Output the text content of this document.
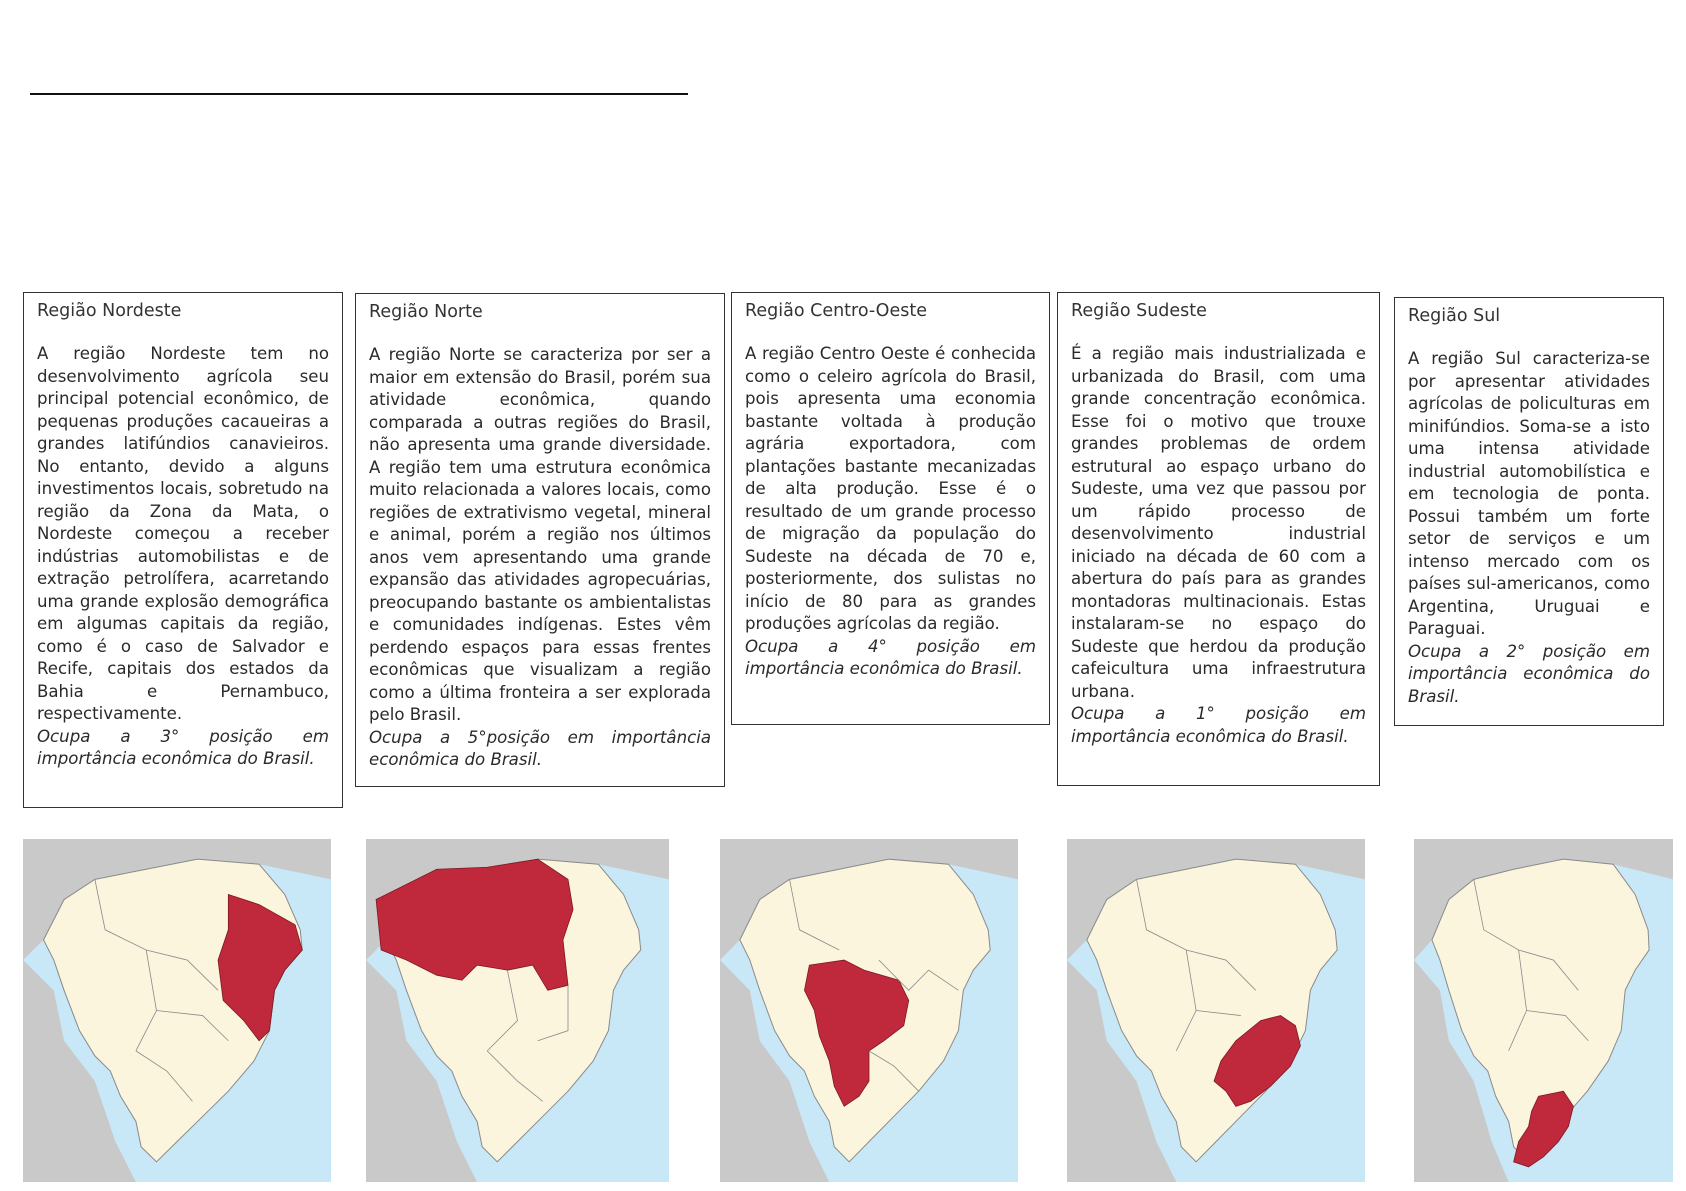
Região Nordeste

A região Nordeste tem no desenvolvimento agrícola seu principal potencial econômico, de pequenas produções cacaueiras a grandes latifúndios canavieiros. No entanto, devido a alguns investimentos locais, sobretudo na região da Zona da Mata, o Nordeste começou a receber indústrias automobilistas e de extração petrolífera, acarretando uma grande explosão demográfica em algumas capitais da região, como é o caso de Salvador e Recife, capitais dos estados da Bahia e Pernambuco, respectivamente.

Ocupa a 3° posição em importância econômica do Brasil.

Região Norte

A região Norte se caracteriza por ser a maior em extensão do Brasil, porém sua atividade econômica, quando comparada a outras regiões do Brasil, não apresenta uma grande diversidade. A região tem uma estrutura econômica muito relacionada a valores locais, como regiões de extrativismo vegetal, mineral e animal, porém a região nos últimos anos vem apresentando uma grande expansão das atividades agropecuárias, preocupando bastante os ambientalistas e comunidades indígenas. Estes vêm perdendo espaços para essas frentes econômicas que visualizam a região como a última fronteira a ser explorada pelo Brasil.

Ocupa a 5°posição em importância econômica do Brasil.

Região Centro-Oeste

A região Centro Oeste é conhecida como o celeiro agrícola do Brasil, pois apresenta uma economia bastante voltada à produção agrária exportadora, com plantações bastante mecanizadas de alta produção. Esse é o resultado de um grande processo de migração da população do Sudeste na década de 70 e, posteriormente, dos sulistas no início de 80 para as grandes produções agrícolas da região.

Ocupa a 4° posição em importância econômica do Brasil.

Região Sudeste

É a região mais industrializada e urbanizada do Brasil, com uma grande concentração econômica. Esse foi o motivo que trouxe grandes problemas de ordem estrutural ao espaço urbano do Sudeste, uma vez que passou por um rápido processo de desenvolvimento industrial iniciado na década de 60 com a abertura do país para as grandes montadoras multinacionais. Estas instalaram-se no espaço do Sudeste que herdou da produção cafeicultura uma infraestrutura urbana.

Ocupa a 1° posição em importância econômica do Brasil.

Região Sul

A região Sul caracteriza-se por apresentar atividades agrícolas de policulturas em minifúndios. Soma-se a isto uma intensa atividade industrial automobilística e em tecnologia de ponta. Possui também um forte setor de serviços e um intenso mercado com os países sul-americanos, como Argentina, Uruguai e Paraguai.

Ocupa a 2° posição em importância econômica do Brasil.
